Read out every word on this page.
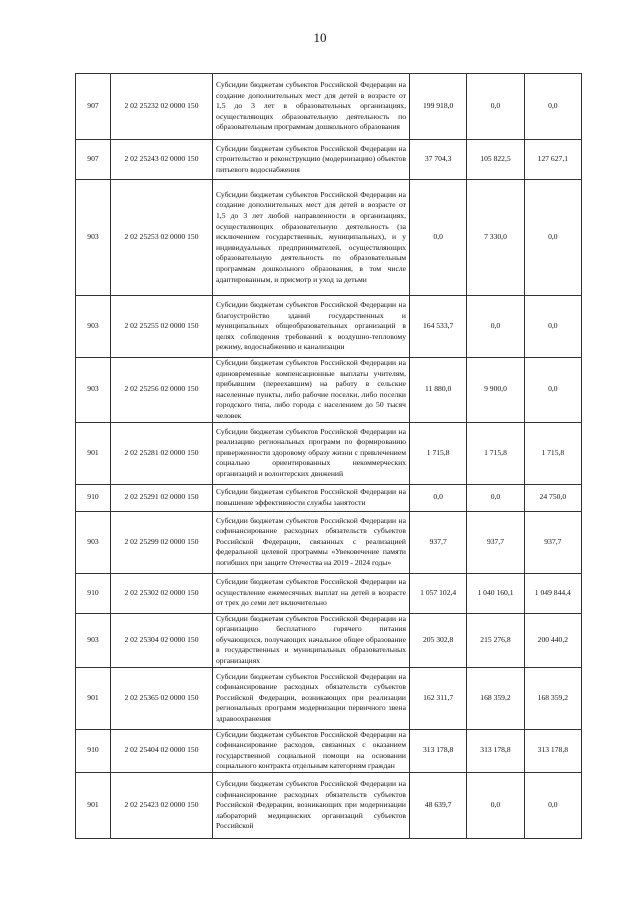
10
907	2 02 25232 02 0000 150	Субсидии бюджетам субъектов Российской Федерации на создание дополнительных мест для детей в возрасте от 1,5 до 3 лет в образовательных организациях, осуществляющих образовательную деятельность по образовательным программам дошкольного образования	199 918,0	0,0	0,0
907	2 02 25243 02 0000 150	Субсидии бюджетам субъектов Российской Федерации на строительство и реконструкцию (модернизацию) объектов питьевого водоснабжения	37 704,3	105 822,5	127 627,1
903	2 02 25253 02 0000 150	Субсидии бюджетам субъектов Российской Федерации на создание дополнительных мест для детей в возрасте от 1,5 до 3 лет любой направленности в организациях, осуществляющих образовательную деятельность (за исключением государственных, муниципальных), и у индивидуальных предпринимателей, осуществляющих образовательную деятельность по образовательным программам дошкольного образования, в том числе адаптированным, и присмотр и уход за детьми	0,0	7 330,0	0,0
903	2 02 25255 02 0000 150	Субсидии бюджетам субъектов Российской Федерации на благоустройство зданий государственных и муниципальных общеобразовательных организаций в целях соблюдения требований к воздушно-тепловому режиму, водоснабжению и канализации	164 533,7	0,0	0,0
903	2 02 25256 02 0000 150	Субсидии бюджетам субъектов Российской Федерации на единовременные компенсационные выплаты учителям, прибывшим (переехавшим) на работу в сельские населенные пункты, либо рабочие поселки, либо поселки городского типа, либо города с населением до 50 тысяч человек	11 880,0	9 900,0	0,0
901	2 02 25281 02 0000 150	Субсидии бюджетам субъектов Российской Федерации на реализацию региональных программ по формированию приверженности здоровому образу жизни с привлечением социально ориентированных некоммерческих организаций и волонтерских движений	1 715,8	1 715,8	1 715,8
910	2 02 25291 02 0000 150	Субсидии бюджетам субъектов Российской Федерации на повышение эффективности службы занятости	0,0	0,0	24 750,0
903	2 02 25299 02 0000 150	Субсидии бюджетам субъектов Российской Федерации на софинансирование расходных обязательств субъектов Российской Федерации, связанных с реализацией федеральной целевой программы «Увековечение памяти погибших при защите Отечества на 2019 - 2024 годы»	937,7	937,7	937,7
910	2 02 25302 02 0000 150	Субсидии бюджетам субъектов Российской Федерации на осуществление ежемесячных выплат на детей в возрасте от трех до семи лет включительно	1 057 102,4	1 040 160,1	1 049 844,4
903	2 02 25304 02 0000 150	Субсидии бюджетам субъектов Российской Федерации на организацию бесплатного горячего питания обучающихся, получающих начальное общее образование в государственных и муниципальных образовательных организациях	205 302,8	215 276,8	200 440,2
901	2 02 25365 02 0000 150	Субсидии бюджетам субъектов Российской Федерации на софинансирование расходных обязательств субъектов Российской Федерации, возникающих при реализации региональных программ модернизации первичного звена здравоохранения	162 311,7	168 359,2	168 359,2
910	2 02 25404 02 0000 150	Субсидии бюджетам субъектов Российской Федерации на софинансирование расходов, связанных с оказанием государственной социальной помощи на основании социального контракта отдельным категориям граждан	313 178,8	313 178,8	313 178,8
901	2 02 25423 02 0000 150	Субсидии бюджетам субъектов Российской Федерации на софинансирование расходных обязательств субъектов Российской Федерации, возникающих при модернизации лабораторий медицинских организаций субъектов Российской	48 639,7	0,0	0,0
